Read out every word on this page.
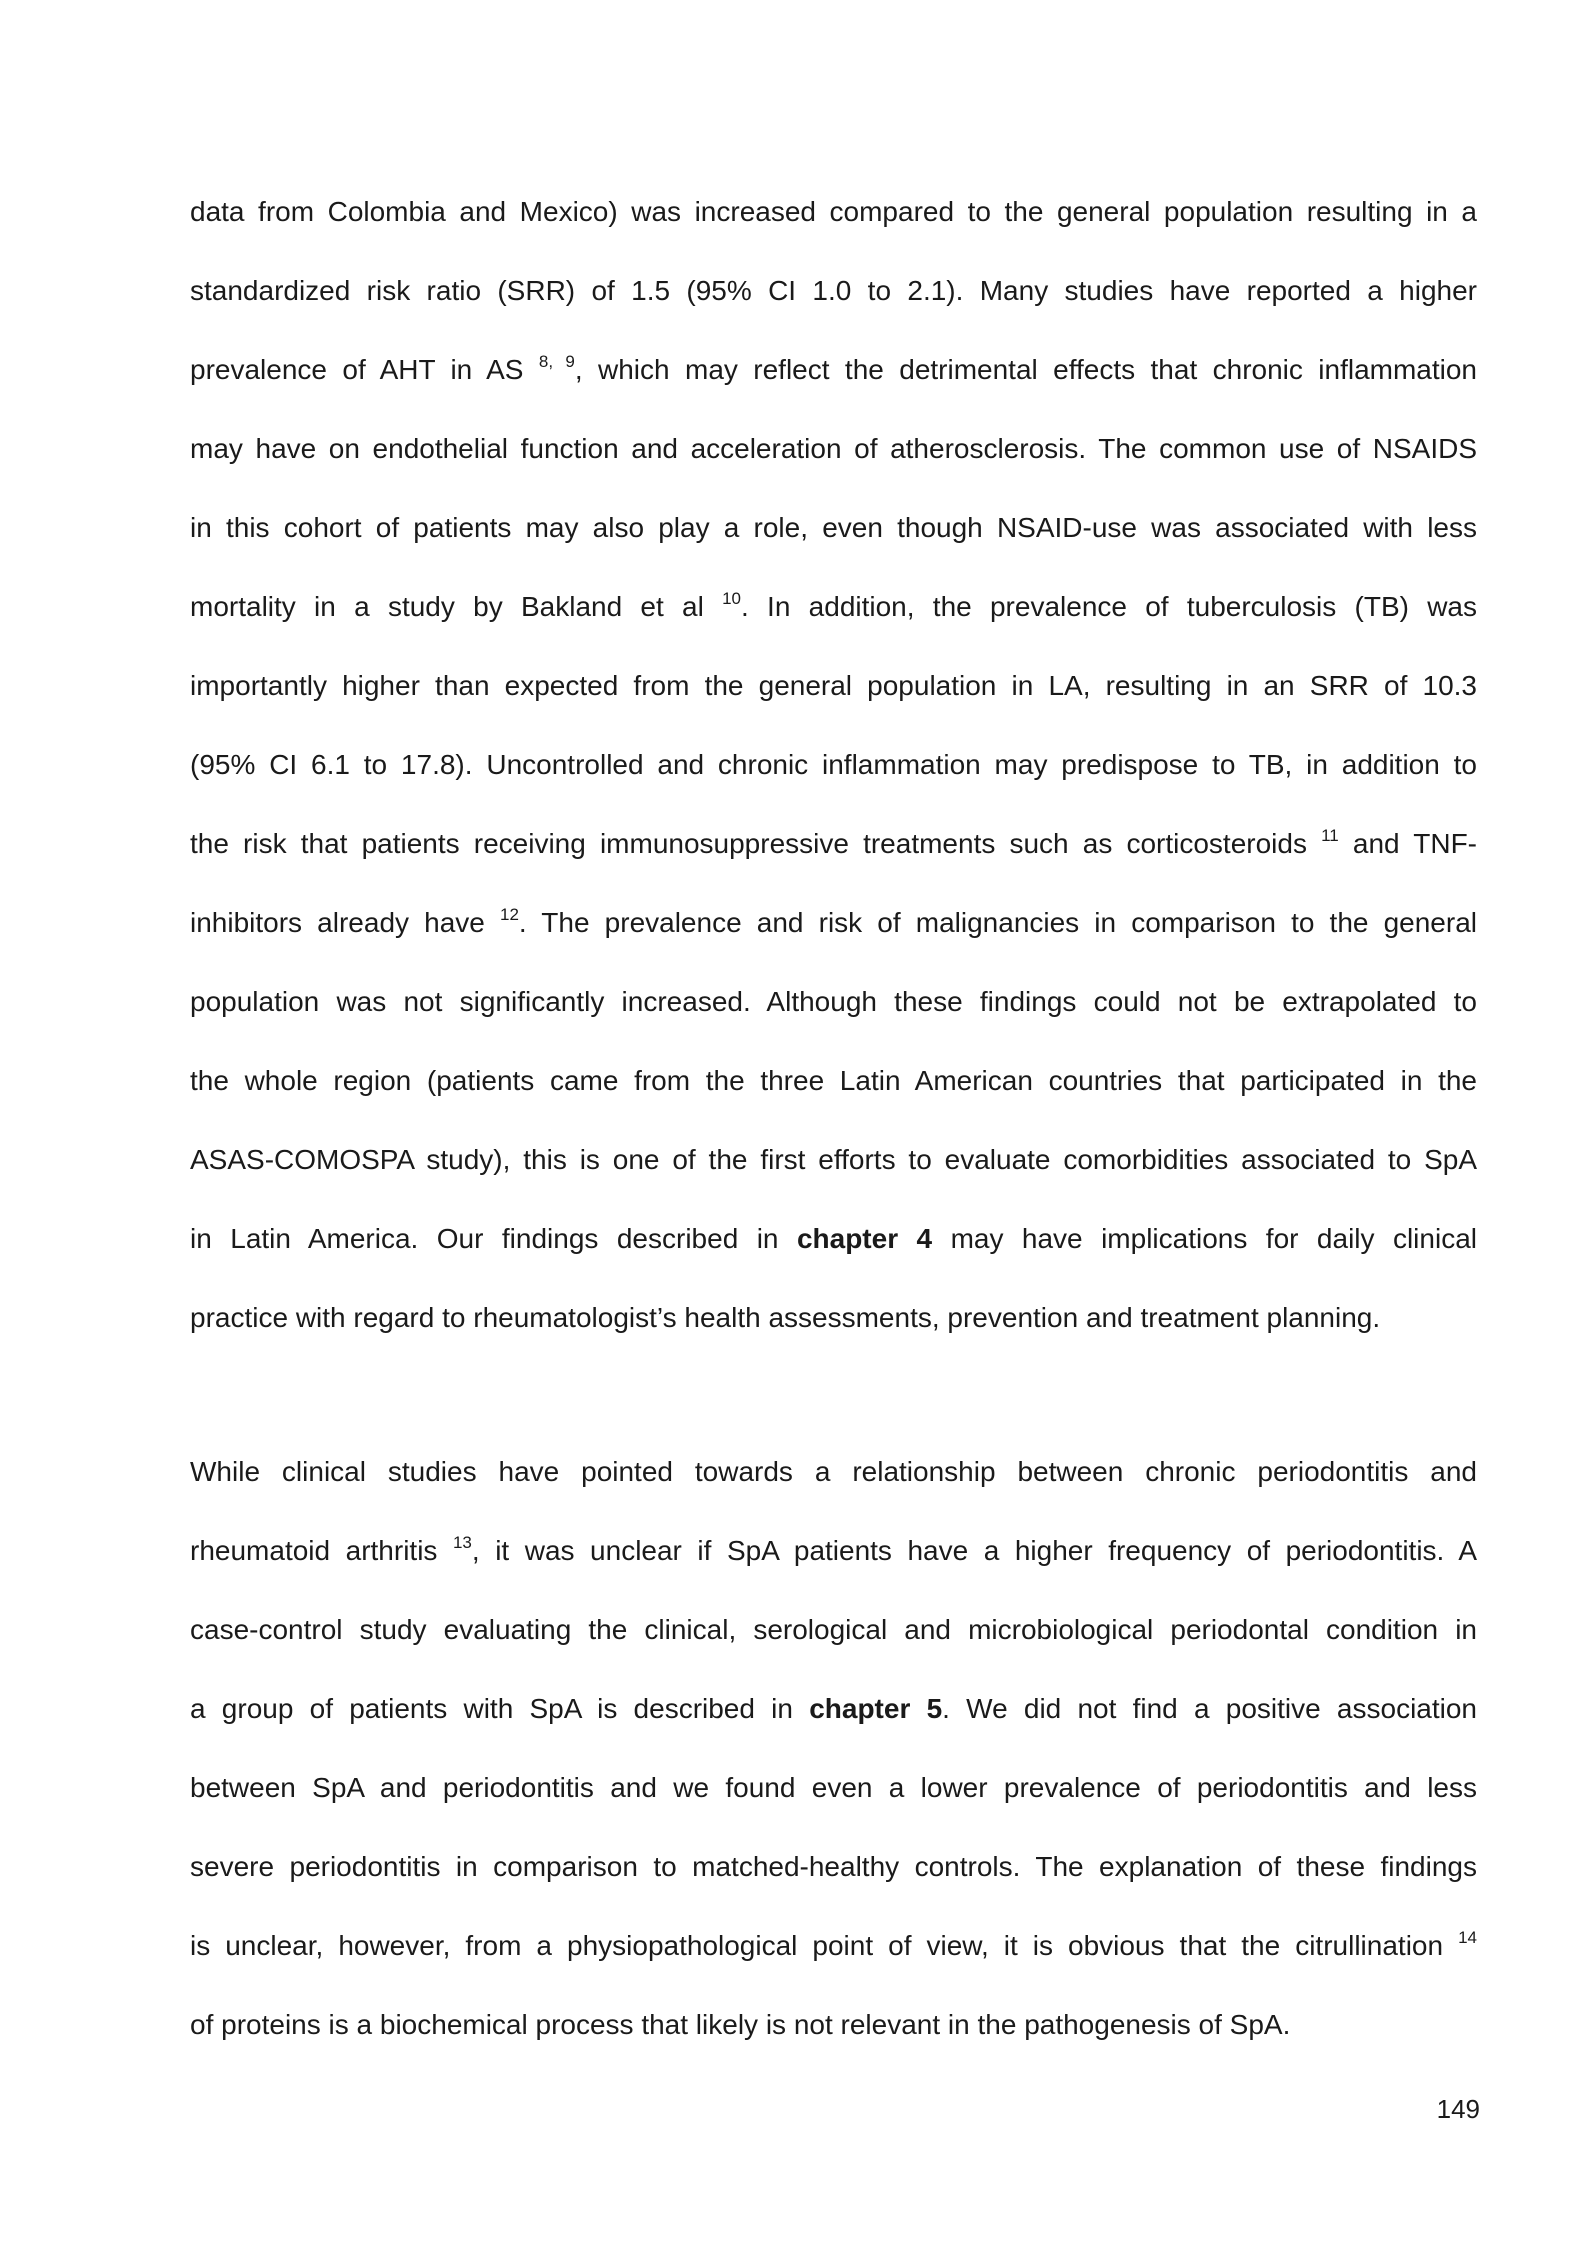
data from Colombia and Mexico) was increased compared to the general population resulting in a
standardized risk ratio (SRR) of 1.5 (95% CI 1.0 to 2.1). Many studies have reported a higher
prevalence of AHT in AS $^{8, 9}$, which may reflect the detrimental effects that chronic inflammation
may have on endothelial function and acceleration of atherosclerosis. The common use of NSAIDS
in this cohort of patients may also play a role, even though NSAID-use was associated with less
mortality in a study by Bakland et al $^{10}$. In addition, the prevalence of tuberculosis (TB) was
importantly higher than expected from the general population in LA, resulting in an SRR of 10.3
(95% CI 6.1 to 17.8). Uncontrolled and chronic inflammation may predispose to TB, in addition to
the risk that patients receiving immunosuppressive treatments such as corticosteroids $^{11}$ and TNF-
inhibitors already have $^{12}$. The prevalence and risk of malignancies in comparison to the general
population was not significantly increased. Although these findings could not be extrapolated to
the whole region (patients came from the three Latin American countries that participated in the
ASAS-COMOSPA study), this is one of the first efforts to evaluate comorbidities associated to SpA
in Latin America. Our findings described in chapter 4 may have implications for daily clinical
practice with regard to rheumatologist’s health assessments, prevention and treatment planning.
While clinical studies have pointed towards a relationship between chronic periodontitis and
rheumatoid arthritis $^{13}$, it was unclear if SpA patients have a higher frequency of periodontitis. A
case-control study evaluating the clinical, serological and microbiological periodontal condition in
a group of patients with SpA is described in chapter 5. We did not find a positive association
between SpA and periodontitis and we found even a lower prevalence of periodontitis and less
severe periodontitis in comparison to matched-healthy controls. The explanation of these findings
is unclear, however, from a physiopathological point of view, it is obvious that the citrullination $^{14}$
of proteins is a biochemical process that likely is not relevant in the pathogenesis of SpA.
149
